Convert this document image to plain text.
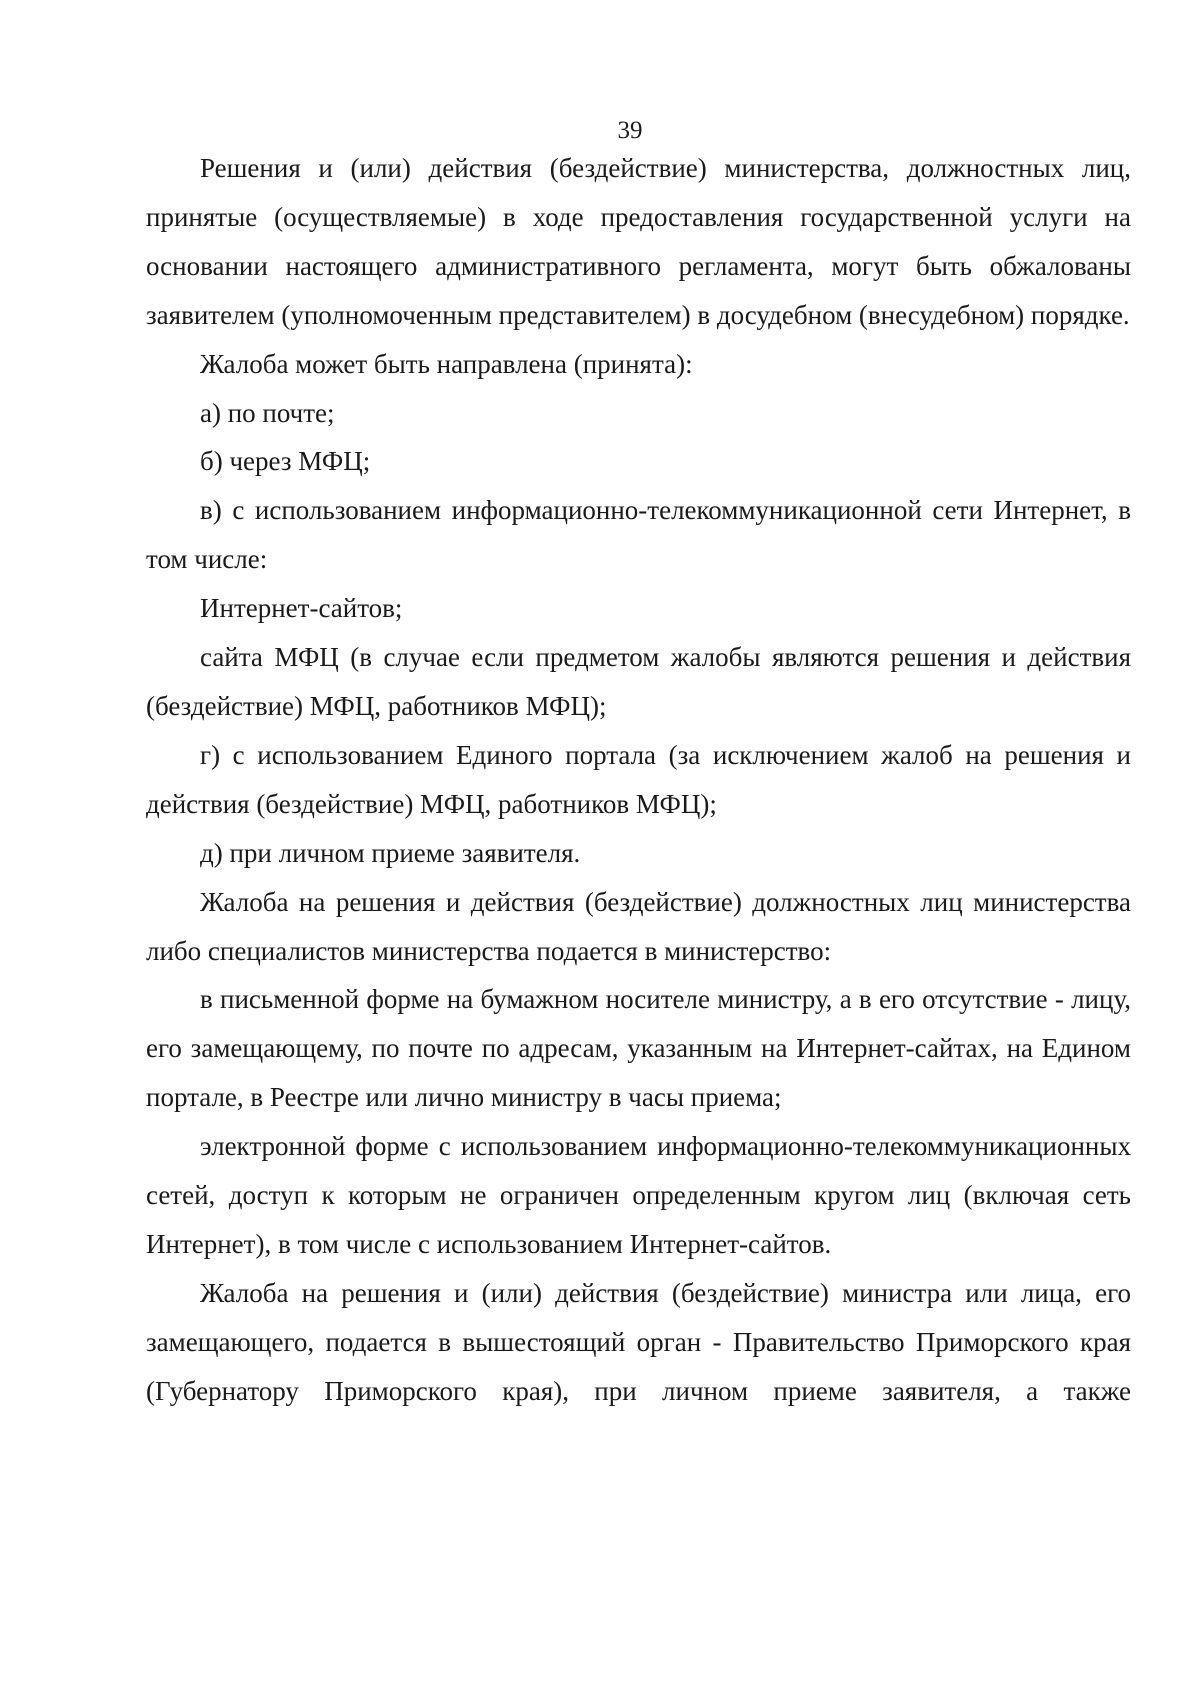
39

Решения и (или) действия (бездействие) министерства, должностных лиц, принятые (осуществляемые) в ходе предоставления государственной услуги на основании настоящего административного регламента, могут быть обжалованы заявителем (уполномоченным представителем) в досудебном (внесудебном) порядке.

Жалоба может быть направлена (принята):

а) по почте;

б) через МФЦ;

в) с использованием информационно-телекоммуникационной сети Интернет, в том числе:

Интернет-сайтов;

сайта МФЦ (в случае если предметом жалобы являются решения и действия (бездействие) МФЦ, работников МФЦ);

г) с использованием Единого портала (за исключением жалоб на решения и действия (бездействие) МФЦ, работников МФЦ);

д) при личном приеме заявителя.

Жалоба на решения и действия (бездействие) должностных лиц министерства либо специалистов министерства подается в министерство:

в письменной форме на бумажном носителе министру, а в его отсутствие - лицу, его замещающему, по почте по адресам, указанным на Интернет-сайтах, на Едином портале, в Реестре или лично министру в часы приема;

электронной форме с использованием информационно-телекоммуникационных сетей, доступ к которым не ограничен определенным кругом лиц (включая сеть Интернет), в том числе с использованием Интернет-сайтов.

Жалоба на решения и (или) действия (бездействие) министра или лица, его замещающего, подается в вышестоящий орган - Правительство Приморского края (Губернатору Приморского края), при личном приеме заявителя, а также
